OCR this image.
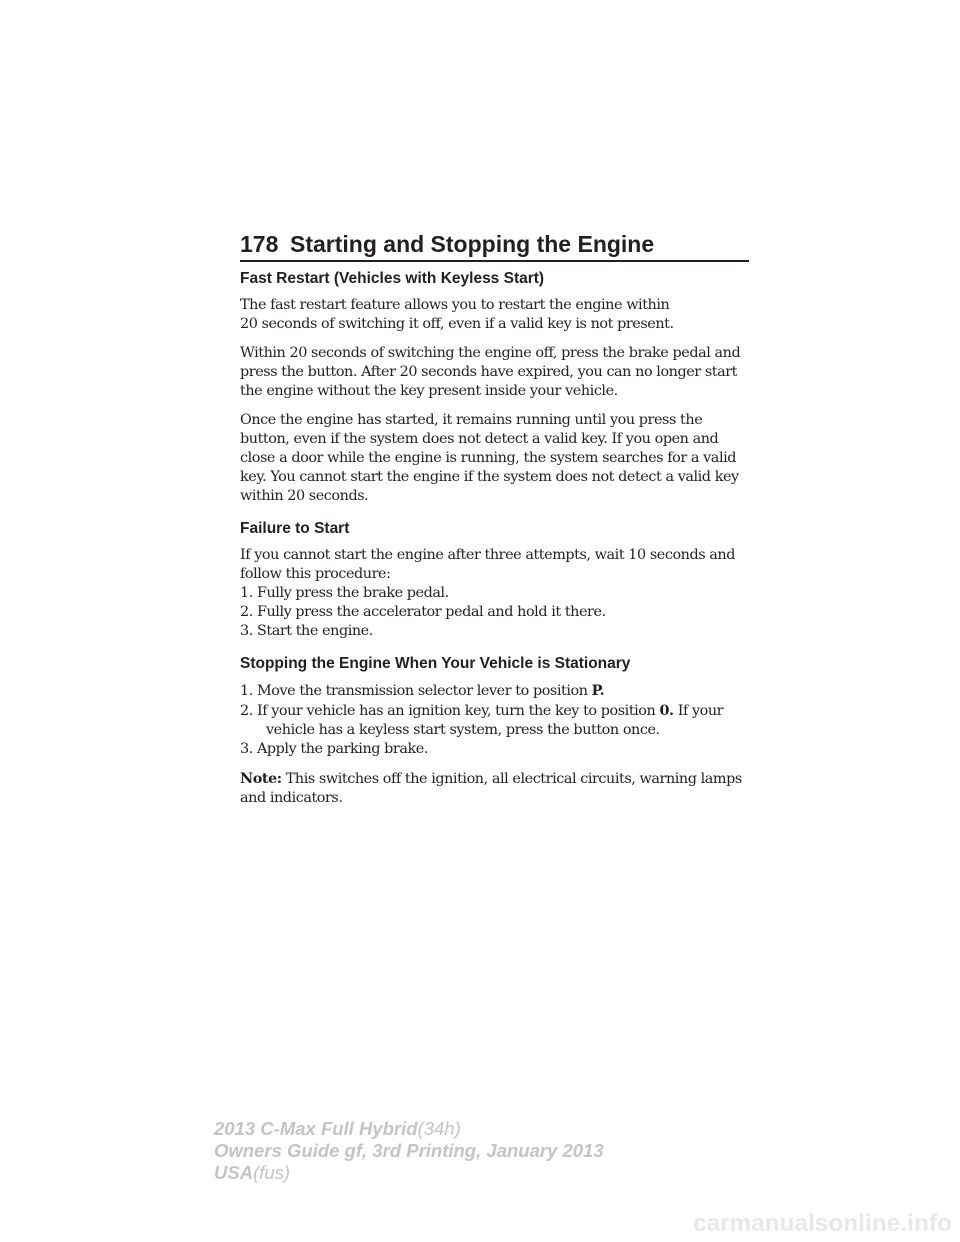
178 Starting and Stopping the Engine
Fast Restart (Vehicles with Keyless Start)
The fast restart feature allows you to restart the engine within
20 seconds of switching it off, even if a valid key is not present.
Within 20 seconds of switching the engine off, press the brake pedal and
press the button. After 20 seconds have expired, you can no longer start
the engine without the key present inside your vehicle.
Once the engine has started, it remains running until you press the
button, even if the system does not detect a valid key. If you open and
close a door while the engine is running, the system searches for a valid
key. You cannot start the engine if the system does not detect a valid key
within 20 seconds.
Failure to Start
If you cannot start the engine after three attempts, wait 10 seconds and
follow this procedure:
1. Fully press the brake pedal.
2. Fully press the accelerator pedal and hold it there.
3. Start the engine.
Stopping the Engine When Your Vehicle is Stationary
1. Move the transmission selector lever to position P.
2. If your vehicle has an ignition key, turn the key to position 0. If your
vehicle has a keyless start system, press the button once.
3. Apply the parking brake.
Note: This switches off the ignition, all electrical circuits, warning lamps
and indicators.
2013 C-Max Full Hybrid(34h)
Owners Guide gf, 3rd Printing, January 2013
USA(fus)
carmanualsonline.info
